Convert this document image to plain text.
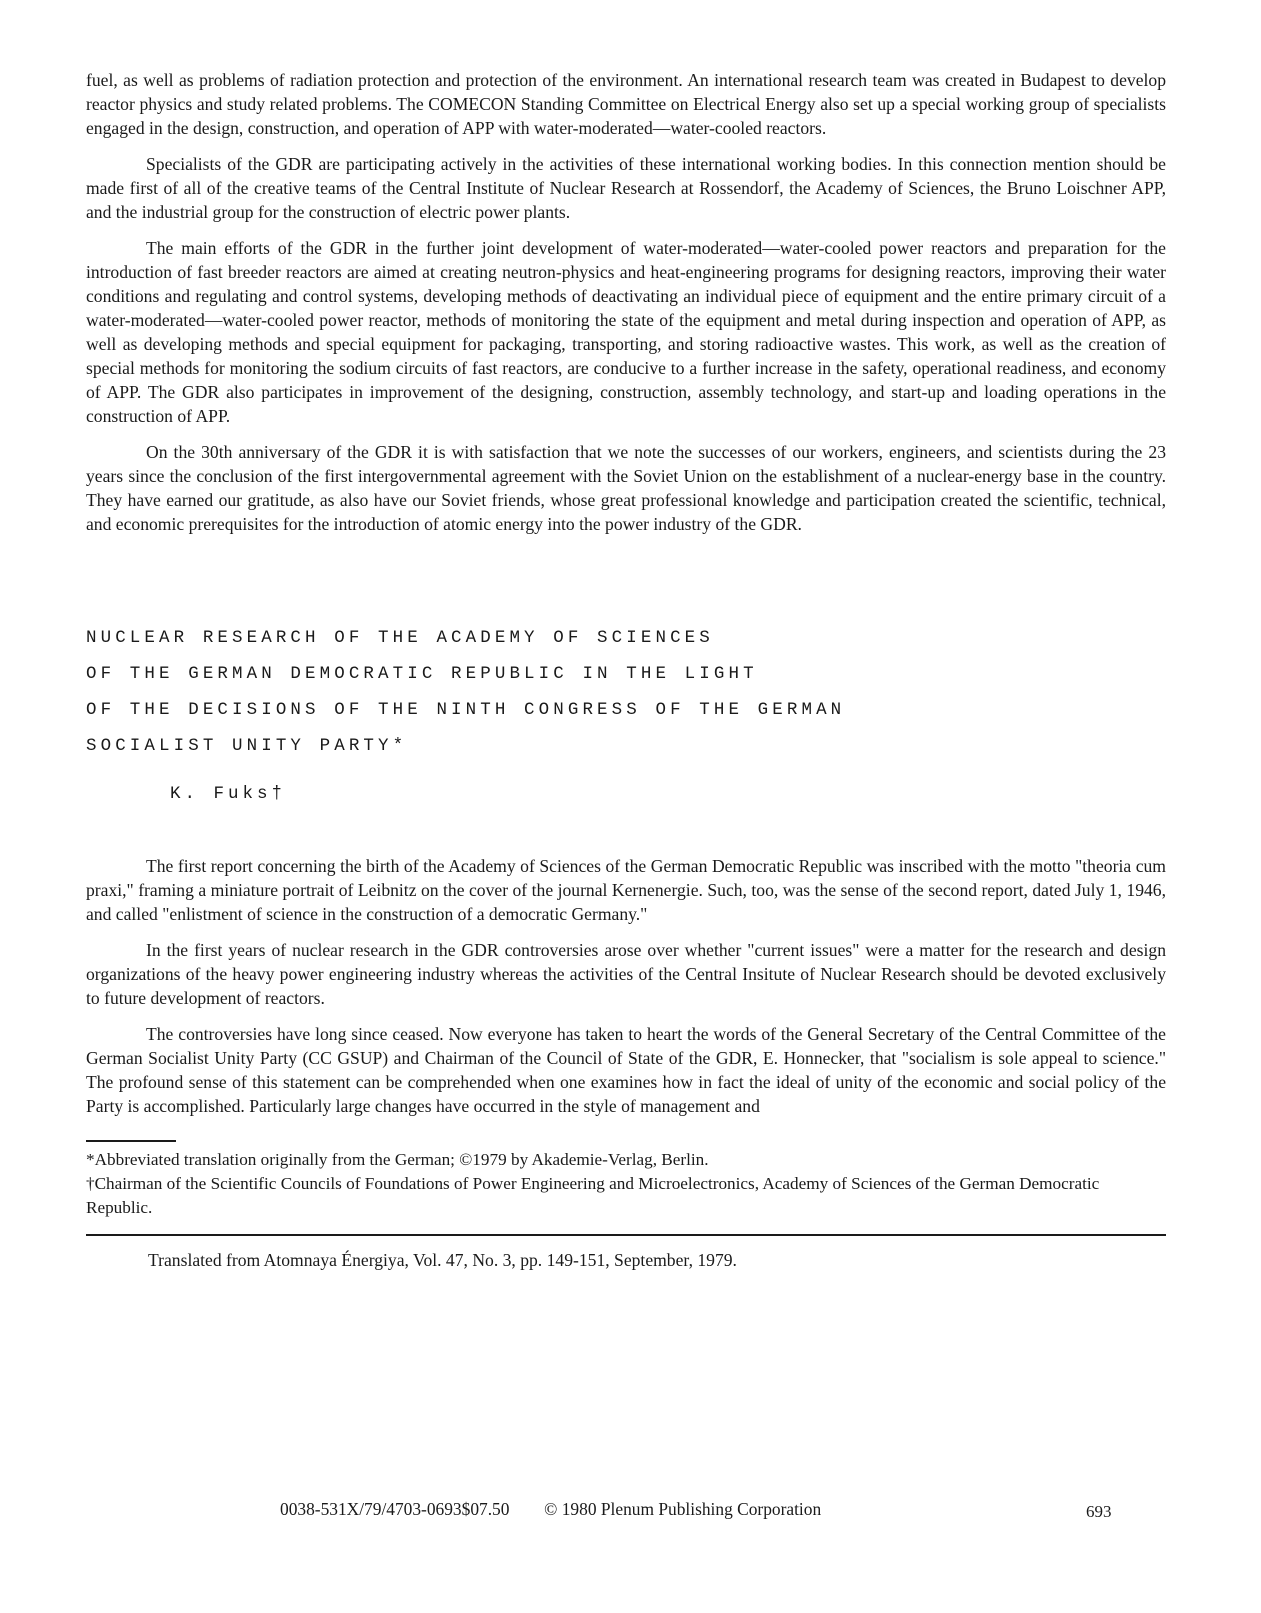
fuel, as well as problems of radiation protection and protection of the environment. An international research team was created in Budapest to develop reactor physics and study related problems. The COMECON Standing Committee on Electrical Energy also set up a special working group of specialists engaged in the design, construction, and operation of APP with water-moderated—water-cooled reactors.

Specialists of the GDR are participating actively in the activities of these international working bodies. In this connection mention should be made first of all of the creative teams of the Central Institute of Nuclear Research at Rossendorf, the Academy of Sciences, the Bruno Loischner APP, and the industrial group for the construction of electric power plants.

The main efforts of the GDR in the further joint development of water-moderated—water-cooled power reactors and preparation for the introduction of fast breeder reactors are aimed at creating neutron-physics and heat-engineering programs for designing reactors, improving their water conditions and regulating and control systems, developing methods of deactivating an individual piece of equipment and the entire primary circuit of a water-moderated—water-cooled power reactor, methods of monitoring the state of the equipment and metal during inspection and operation of APP, as well as developing methods and special equipment for packaging, transporting, and storing radioactive wastes. This work, as well as the creation of special methods for monitoring the sodium circuits of fast reactors, are conducive to a further increase in the safety, operational readiness, and economy of APP. The GDR also participates in improvement of the designing, construction, assembly technology, and start-up and loading operations in the construction of APP.

On the 30th anniversary of the GDR it is with satisfaction that we note the successes of our workers, engineers, and scientists during the 23 years since the conclusion of the first intergovernmental agreement with the Soviet Union on the establishment of a nuclear-energy base in the country. They have earned our gratitude, as also have our Soviet friends, whose great professional knowledge and participation created the scientific, technical, and economic prerequisites for the introduction of atomic energy into the power industry of the GDR.

NUCLEAR RESEARCH OF THE ACADEMY OF SCIENCES
OF THE GERMAN DEMOCRATIC REPUBLIC IN THE LIGHT
OF THE DECISIONS OF THE NINTH CONGRESS OF THE GERMAN
SOCIALIST UNITY PARTY*
K. Fuks†

The first report concerning the birth of the Academy of Sciences of the German Democratic Republic was inscribed with the motto "theoria cum praxi," framing a miniature portrait of Leibnitz on the cover of the journal Kernenergie. Such, too, was the sense of the second report, dated July 1, 1946, and called "enlistment of science in the construction of a democratic Germany."

In the first years of nuclear research in the GDR controversies arose over whether "current issues" were a matter for the research and design organizations of the heavy power engineering industry whereas the activities of the Central Insitute of Nuclear Research should be devoted exclusively to future development of reactors.

The controversies have long since ceased. Now everyone has taken to heart the words of the General Secretary of the Central Committee of the German Socialist Unity Party (CC GSUP) and Chairman of the Council of State of the GDR, E. Honnecker, that "socialism is sole appeal to science." The profound sense of this statement can be comprehended when one examines how in fact the ideal of unity of the economic and social policy of the Party is accomplished. Particularly large changes have occurred in the style of management and

*Abbreviated translation originally from the German; ©1979 by Akademie-Verlag, Berlin.

†Chairman of the Scientific Councils of Foundations of Power Engineering and Microelectronics, Academy of Sciences of the German Democratic Republic.

Translated from Atomnaya Énergiya, Vol. 47, No. 3, pp. 149-151, September, 1979.
0038-531X/79/4703-0693$07.50 © 1980 Plenum Publishing Corporation	693
